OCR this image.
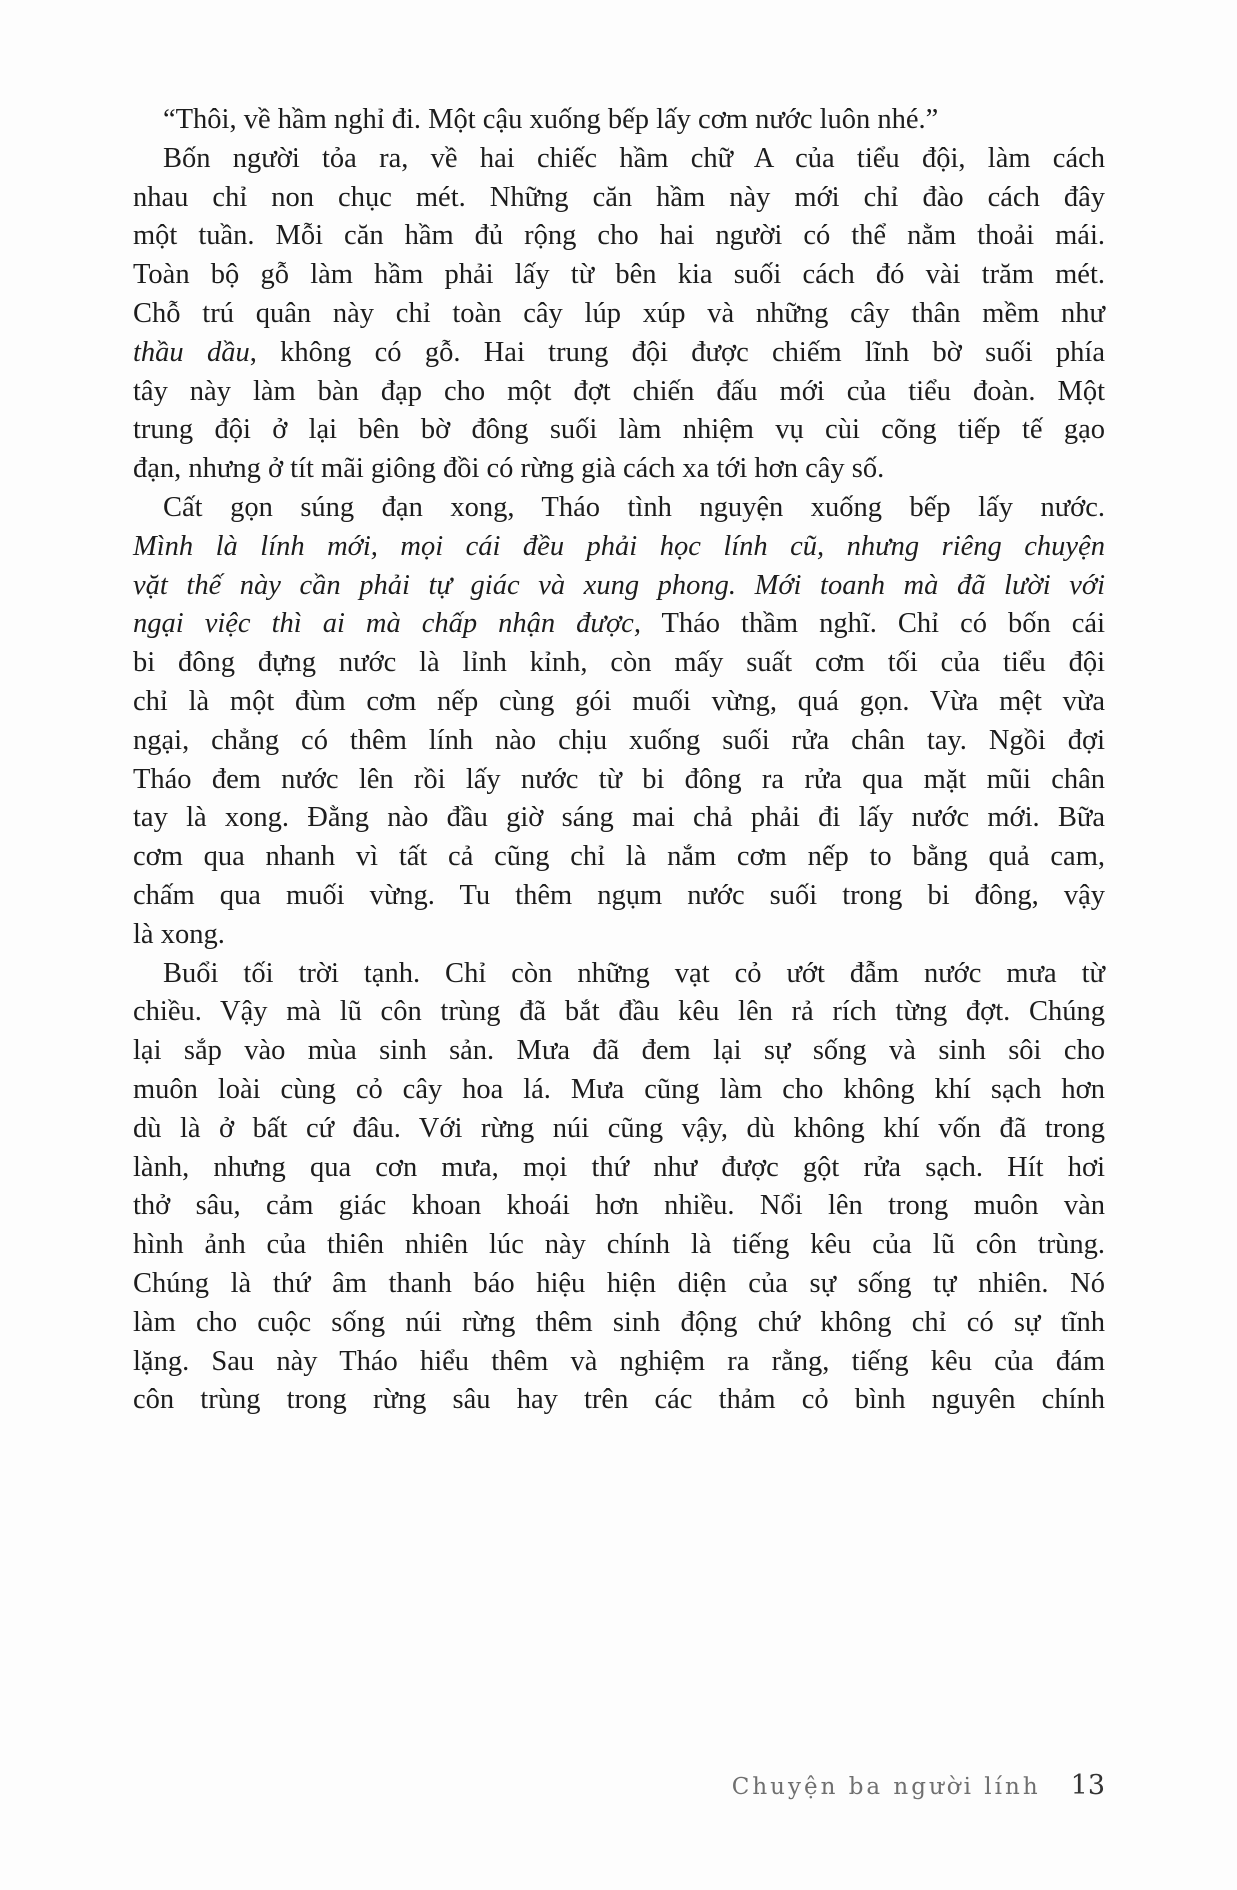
“Thôi, về hầm nghỉ đi. Một cậu xuống bếp lấy cơm nước luôn nhé.”
Bốn người tỏa ra, về hai chiếc hầm chữ A của tiểu đội, làm cách
nhau chỉ non chục mét. Những căn hầm này mới chỉ đào cách đây
một tuần. Mỗi căn hầm đủ rộng cho hai người có thể nằm thoải mái.
Toàn bộ gỗ làm hầm phải lấy từ bên kia suối cách đó vài trăm mét.
Chỗ trú quân này chỉ toàn cây lúp xúp và những cây thân mềm như
thầu dầu, không có gỗ. Hai trung đội được chiếm lĩnh bờ suối phía
tây này làm bàn đạp cho một đợt chiến đấu mới của tiểu đoàn. Một
trung đội ở lại bên bờ đông suối làm nhiệm vụ cùi cõng tiếp tế gạo
đạn, nhưng ở tít mãi giông đồi có rừng già cách xa tới hơn cây số.
Cất gọn súng đạn xong, Tháo tình nguyện xuống bếp lấy nước.
Mình là lính mới, mọi cái đều phải học lính cũ, nhưng riêng chuyện
vặt thế này cần phải tự giác và xung phong. Mới toanh mà đã lười với
ngại việc thì ai mà chấp nhận được, Tháo thầm nghĩ. Chỉ có bốn cái
bi đông đựng nước là lỉnh kỉnh, còn mấy suất cơm tối của tiểu đội
chỉ là một đùm cơm nếp cùng gói muối vừng, quá gọn. Vừa mệt vừa
ngại, chẳng có thêm lính nào chịu xuống suối rửa chân tay. Ngồi đợi
Tháo đem nước lên rồi lấy nước từ bi đông ra rửa qua mặt mũi chân
tay là xong. Đằng nào đầu giờ sáng mai chả phải đi lấy nước mới. Bữa
cơm qua nhanh vì tất cả cũng chỉ là nắm cơm nếp to bằng quả cam,
chấm qua muối vừng. Tu thêm ngụm nước suối trong bi đông, vậy
là xong.
Buổi tối trời tạnh. Chỉ còn những vạt cỏ ướt đẫm nước mưa từ
chiều. Vậy mà lũ côn trùng đã bắt đầu kêu lên rả rích từng đợt. Chúng
lại sắp vào mùa sinh sản. Mưa đã đem lại sự sống và sinh sôi cho
muôn loài cùng cỏ cây hoa lá. Mưa cũng làm cho không khí sạch hơn
dù là ở bất cứ đâu. Với rừng núi cũng vậy, dù không khí vốn đã trong
lành, nhưng qua cơn mưa, mọi thứ như được gột rửa sạch. Hít hơi
thở sâu, cảm giác khoan khoái hơn nhiều. Nổi lên trong muôn vàn
hình ảnh của thiên nhiên lúc này chính là tiếng kêu của lũ côn trùng.
Chúng là thứ âm thanh báo hiệu hiện diện của sự sống tự nhiên. Nó
làm cho cuộc sống núi rừng thêm sinh động chứ không chỉ có sự tĩnh
lặng. Sau này Tháo hiểu thêm và nghiệm ra rằng, tiếng kêu của đám
côn trùng trong rừng sâu hay trên các thảm cỏ bình nguyên chính
Chuyện ba người lính 13
